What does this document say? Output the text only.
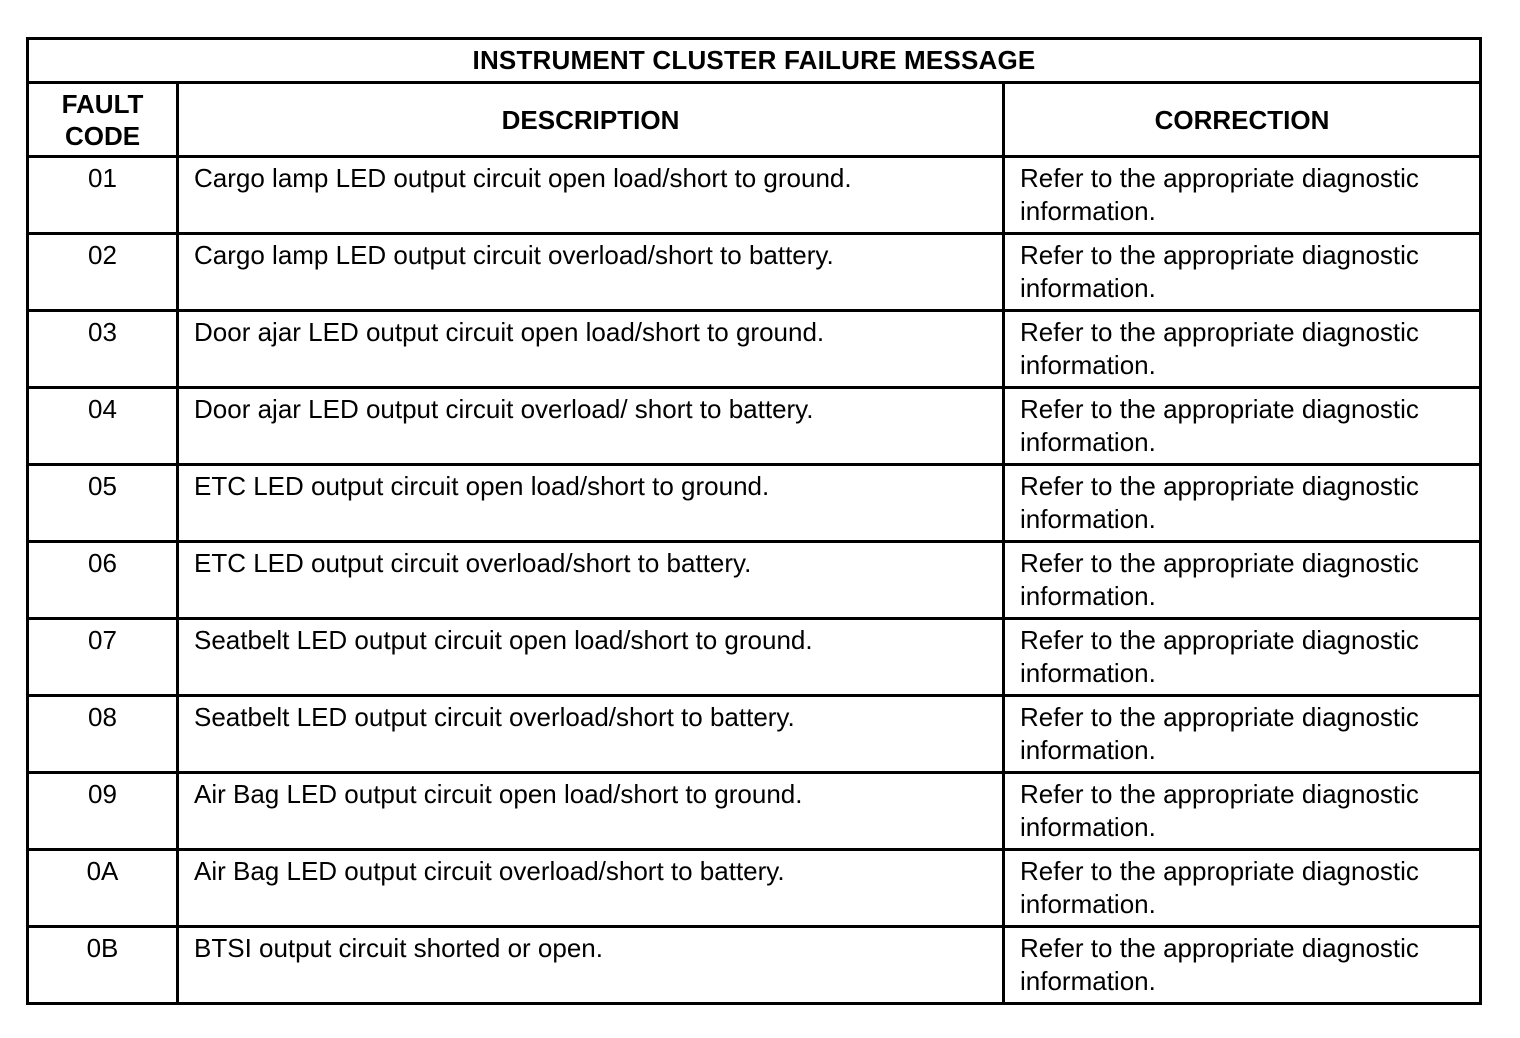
INSTRUMENT CLUSTER FAILURE MESSAGE		

FAULT
CODE	DESCRIPTION	CORRECTION
01	Cargo lamp LED output circuit open load/short to ground.	Refer to the appropriate diagnostic
information.

02	Cargo lamp LED output circuit overload/short to battery.	Refer to the appropriate diagnostic
information.

03	Door ajar LED output circuit open load/short to ground.	Refer to the appropriate diagnostic
information.

04	Door ajar LED output circuit overload/ short to battery.	Refer to the appropriate diagnostic
information.

05	ETC LED output circuit open load/short to ground.	Refer to the appropriate diagnostic
information.

06	ETC LED output circuit overload/short to battery.	Refer to the appropriate diagnostic
information.

07	Seatbelt LED output circuit open load/short to ground.	Refer to the appropriate diagnostic
information.

08	Seatbelt LED output circuit overload/short to battery.	Refer to the appropriate diagnostic
information.

09	Air Bag LED output circuit open load/short to ground.	Refer to the appropriate diagnostic
information.

0A	Air Bag LED output circuit overload/short to battery.	Refer to the appropriate diagnostic
information.

0B	BTSI output circuit shorted or open.	Refer to the appropriate diagnostic
information.
